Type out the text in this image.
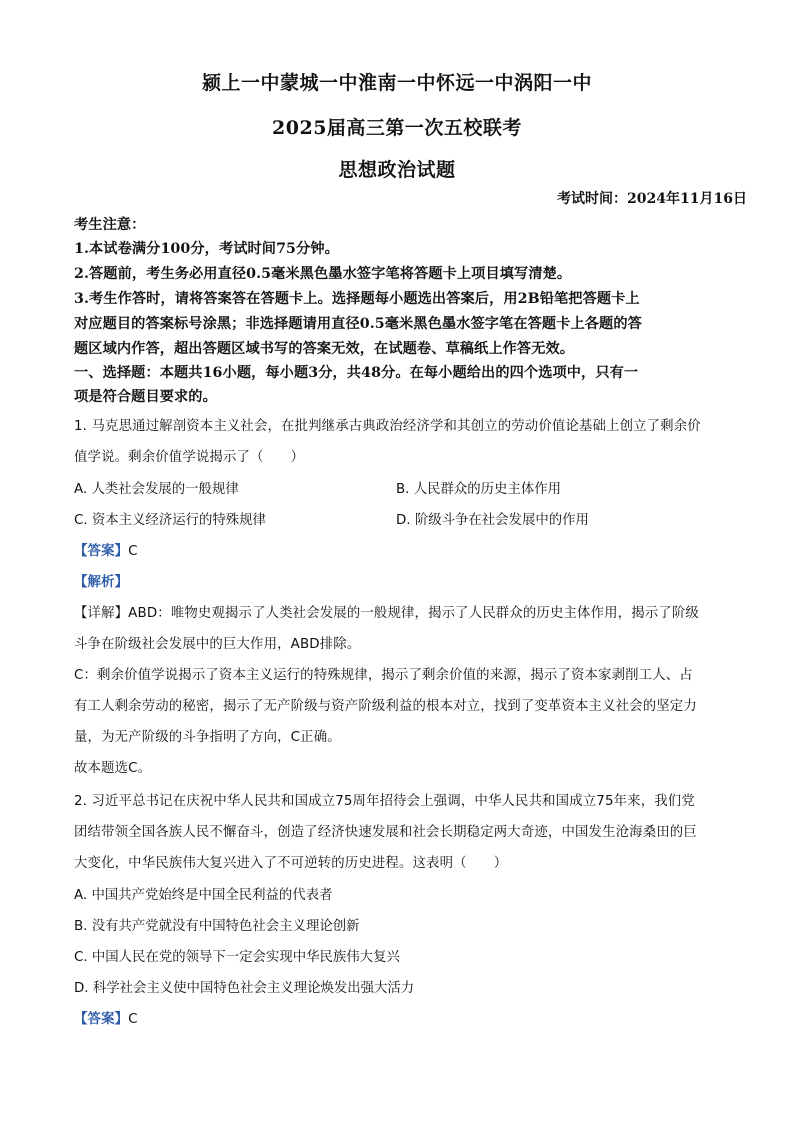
颍上一中蒙城一中淮南一中怀远一中涡阳一中
2025届高三第一次五校联考
思想政治试题
考试时间：2024年11月16日
考生注意：
1.本试卷满分100分，考试时间75分钟。
2.答题前，考生务必用直径0.5毫米黑色墨水签字笔将答题卡上项目填写清楚。
3.考生作答时，请将答案答在答题卡上。选择题每小题选出答案后，用2B铅笔把答题卡上
对应题目的答案标号涂黑；非选择题请用直径0.5毫米黑色墨水签字笔在答题卡上各题的答
题区域内作答，超出答题区域书写的答案无效，在试题卷、草稿纸上作答无效。
一、选择题：本题共16小题，每小题3分，共48分。在每小题给出的四个选项中，只有一
项是符合题目要求的。
1. 马克思通过解剖资本主义社会，在批判继承古典政治经济学和其创立的劳动价值论基础上创立了剩余价
值学说。剩余价值学说揭示了（　　）
A. 人类社会发展的一般规律	B. 人民群众的历史主体作用
C. 资本主义经济运行的特殊规律	D. 阶级斗争在社会发展中的作用
【答案】C
【解析】
【详解】ABD：唯物史观揭示了人类社会发展的一般规律，揭示了人民群众的历史主体作用，揭示了阶级
斗争在阶级社会发展中的巨大作用，ABD排除。
C：剩余价值学说揭示了资本主义运行的特殊规律，揭示了剩余价值的来源，揭示了资本家剥削工人、占
有工人剩余劳动的秘密，揭示了无产阶级与资产阶级利益的根本对立，找到了变革资本主义社会的坚定力
量，为无产阶级的斗争指明了方向，C正确。
故本题选C。
2. 习近平总书记在庆祝中华人民共和国成立75周年招待会上强调，中华人民共和国成立75年来，我们党
团结带领全国各族人民不懈奋斗，创造了经济快速发展和社会长期稳定两大奇迹，中国发生沧海桑田的巨
大变化，中华民族伟大复兴进入了不可逆转的历史进程。这表明（　　）
A. 中国共产党始终是中国全民利益的代表者
B. 没有共产党就没有中国特色社会主义理论创新
C. 中国人民在党的领导下一定会实现中华民族伟大复兴
D. 科学社会主义使中国特色社会主义理论焕发出强大活力
【答案】C
